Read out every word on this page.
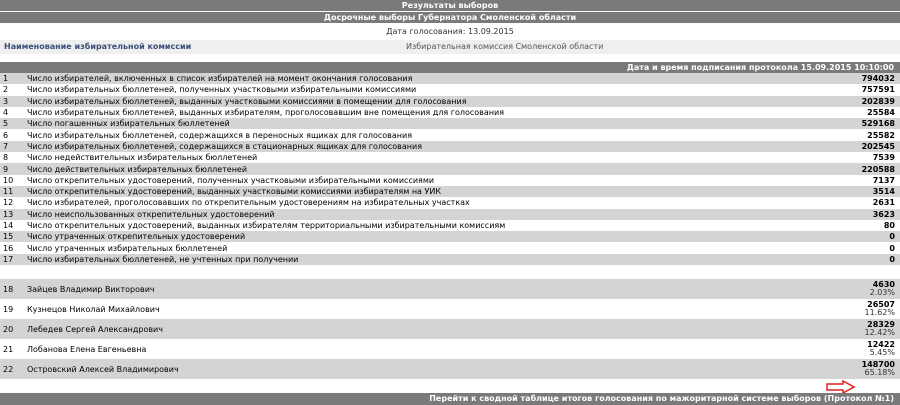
Результаты выборов
Досрочные выборы Губернатора Смоленской области
Дата голосования: 13.09.2015
Наименование избирательной комиссии	Избирательная комиссия Смоленской области
Дата и время подписания протокола 15.09.2015 10:10:00
1	Число избирателей, включенных в список избирателей на момент окончания голосования	794032
2	Число избирательных бюллетеней, полученных участковыми избирательными комиссиями	757591
3	Число избирательных бюллетеней, выданных участковыми комиссиями в помещении для голосования	202839
4	Число избирательных бюллетеней, выданных избирателям, проголосовавшим вне помещения для голосования	25584
5	Число погашенных избирательных бюллетеней	529168
6	Число избирательных бюллетеней, содержащихся в переносных ящиках для голосования	25582
7	Число избирательных бюллетеней, содержащихся в стационарных ящиках для голосования	202545
8	Число недействительных избирательных бюллетеней	7539
9	Число действительных избирательных бюллетеней	220588
10	Число открепительных удостоверений, полученных участковыми избирательными комиссиями	7137
11	Число открепительных удостоверений, выданных участковыми комиссиями избирателям на УИК	3514
12	Число избирателей, проголосовавших по открепительным удостоверениям на избирательных участках	2631
13	Число неиспользованных открепительных удостоверений	3623
14	Число открепительных удостоверений, выданных избирателям территориальными избирательными комиссиям	80
15	Число утраченных открепительных удостоверений	0
16	Число утраченных избирательных бюллетеней	0
17	Число избирательных бюллетеней, не учтенных при получении	0
18	Зайцев Владимир Викторович	4630
2.03%

19	Кузнецов Николай Михайлович	26507
11.62%

20	Лебедев Сергей Александрович	28329
12.42%

21	Лобанова Елена Евгеньевна	12422
5.45%

22	Островский Алексей Владимирович	148700
65.18%
Перейти к сводной таблице итогов голосования по мажоритарной системе выборов (Протокол №1)
